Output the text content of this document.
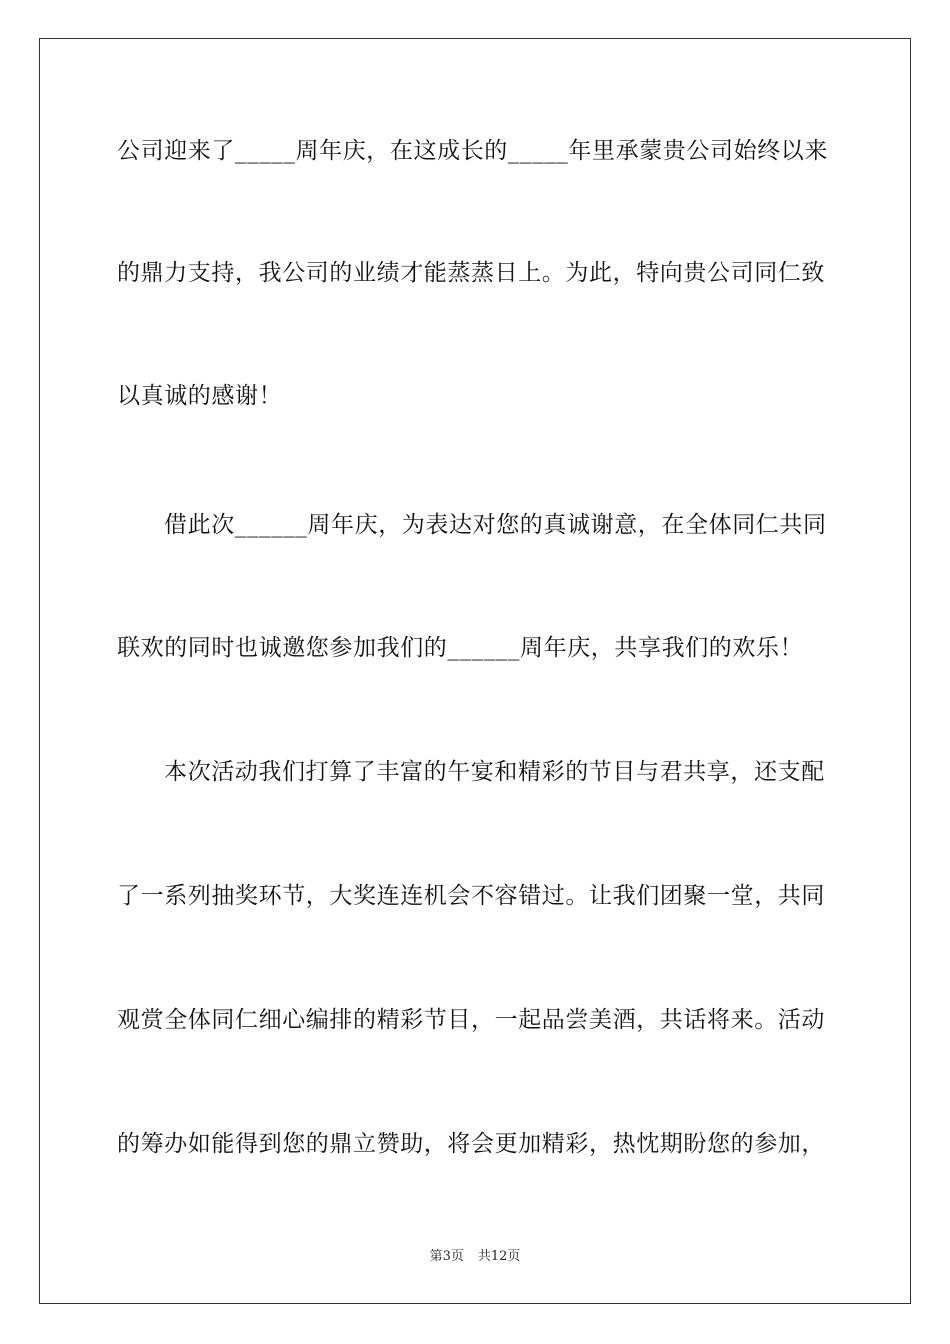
公司迎来了_____周年庆，在这成长的_____年里承蒙贵公司始终以来
的鼎力支持，我公司的业绩才能蒸蒸日上。为此，特向贵公司同仁致
以真诚的感谢！
借此次______周年庆，为表达对您的真诚谢意，在全体同仁共同
联欢的同时也诚邀您参加我们的______周年庆，共享我们的欢乐！
本次活动我们打算了丰富的午宴和精彩的节目与君共享，还支配
了一系列抽奖环节，大奖连连机会不容错过。让我们团聚一堂，共同
观赏全体同仁细心编排的精彩节目，一起品尝美酒，共话将来。活动
的筹办如能得到您的鼎立赞助，将会更加精彩，热忱期盼您的参加，
第3页 共12页
